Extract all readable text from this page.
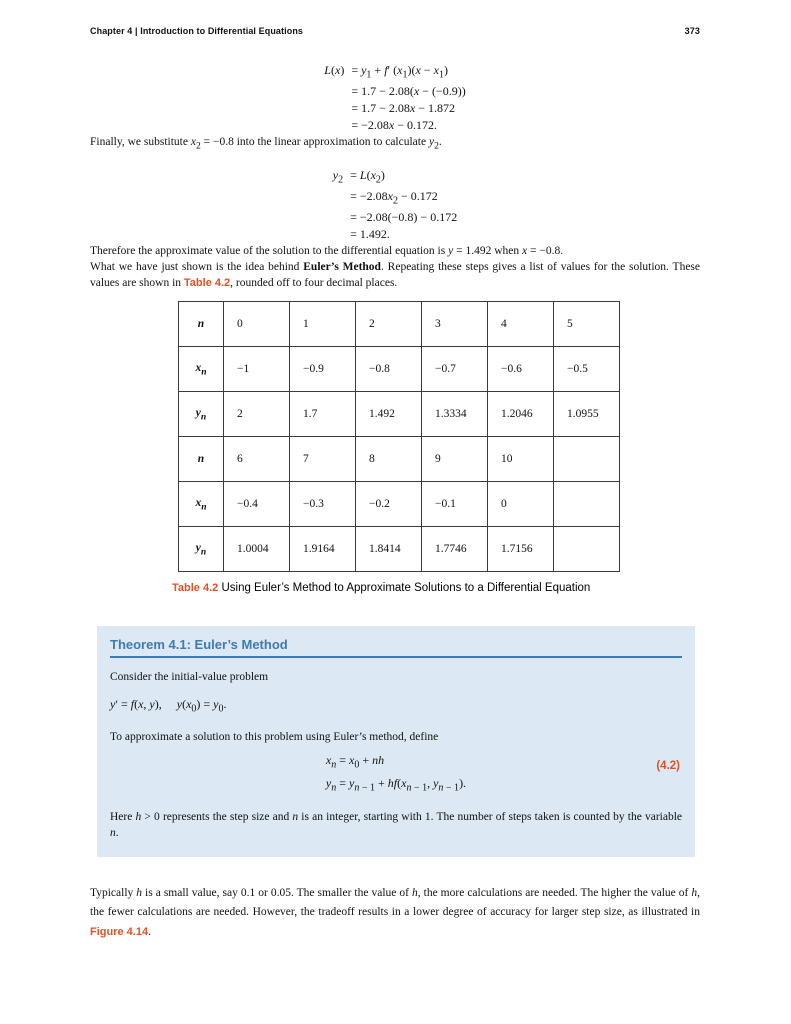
Chapter 4 | Introduction to Differential Equations	373
$L(x) = y_1 + f'$ $(x_1)(x - x_1)$
= 1.7 − 2.08(x − (−0.9))
= 1.7 − 2.08x − 1.872
= −2.08x − 0.172.

Finally, we substitute $x_2 = -0.8$ into the linear approximation to calculate $y_2$.

$y_2 = L(x_2)$
= $-2.08x_2 - 0.172$
= −2.08(−0.8) − 0.172
= 1.492.

Therefore the approximate value of the solution to the differential equation is y = 1.492 when x = −0.8.

What we have just shown is the idea behind Euler’s Method. Repeating these steps gives a list of values for the solution. These values are shown in Table 4.2, rounded off to four decimal places.

n	0	1	2	3	4	5
$x_n$	−1	−0.9	−0.8	−0.7	−0.6	−0.5
$y_n$	2	1.7	1.492	1.3334	1.2046	1.0955
n	6	7	8	9	10	
$x_n$	−0.4	−0.3	−0.2	−0.1	0	
$y_n$	1.0004	1.9164	1.8414	1.7746	1.7156	
Table 4.2 Using Euler’s Method to Approximate Solutions to a Differential Equation
Theorem 4.1: Euler’s Method

Consider the initial-value problem

y′ = f(x, y),     $y(x_0) = y_0$.

To approximate a solution to this problem using Euler’s method, define

$x_n = x_0$ + nh
$y_n = y_{n - 1} + hf(x_{n - 1}$, $y_{n - 1}$).
(4.2)

Here h > 0 represents the step size and n is an integer, starting with 1. The number of steps taken is counted by the variable n.

Typically h is a small value, say 0.1 or 0.05. The smaller the value of h, the more calculations are needed. The higher the value of h, the fewer calculations are needed. However, the tradeoff results in a lower degree of accuracy for larger step size, as illustrated in Figure 4.14.
